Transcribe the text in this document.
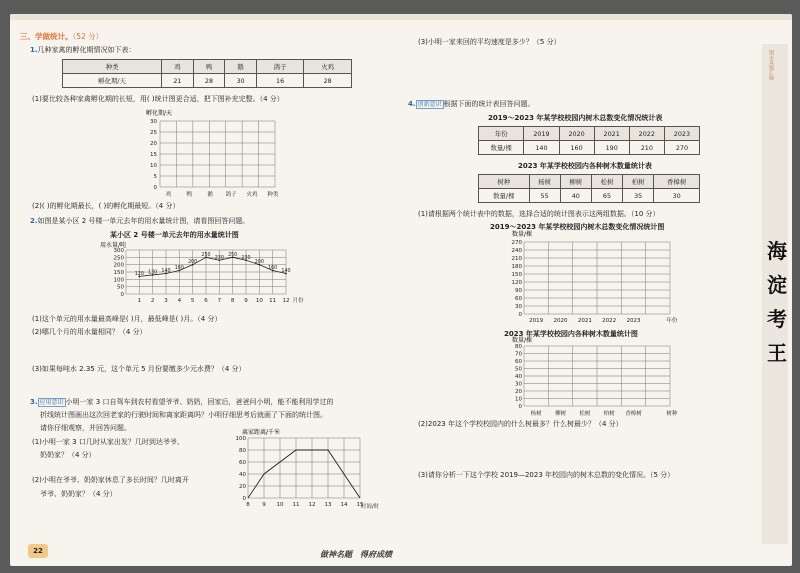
三、学做统计。（52 分）
1.几种家禽的孵化期情况如下表：
种类	鸡	鸭	鹅	鸽子	火鸡
孵化期/天	21	28	30	16	28
(1)要比较各种家禽孵化期的长短，用( )统计图更合适，把下图补充完整。（4 分）
孵化期/天
30
25
20
15
10
5
0
鸡	鸭	鹅 鸽子 火鸡 种类
(2)( )的孵化期最长，( )的孵化期最短。（4 分）
2.如图是某小区 2 号楼一单元去年的用水量统计图，请看图回答问题。
某小区 2 号楼一单元去年的用水量统计图
用水量/吨
300
250
200
150
100
50
0
1 2 3 4 5 6 7 8 9 10 11 12 月份
120 130 140
160
200
250
230
250
230
200
160
140
(1)这个单元的用水量最高峰是( )月，最低峰是( )月。（4 分）
(2)哪几个月的用水量相同？（4 分）
(3)如果每吨水 2.35 元，这个单元 5 月份要缴多少元水费？（4 分）
3. 应用意识 小明一家 3 口自驾车到农村看望爷爷、奶奶，回家后，爸爸问小明，能不能利用学过的
折线统计图画出这次回老家的行驶时间和离家距离吗？小明仔细思考后就画了下面的统计图。
请你仔细观察，并回答问题。
(1)小明一家 3 口几时从家出发？几时到达爷爷、
奶奶家？（4 分）
(2)小明在爷爷、奶奶家休息了多长时间？几时离开
爷爷、奶奶家？（4 分）
离家距离/千米
100
80
60
40
20
0
8 9 10 11 12 13 14 15
时间/时
(3)小明一家来回的平均速度是多少？（5 分）
4. 创新意识 根据下面的统计表回答问题。
2019～2023 年某学校校园内树木总数变化情况统计表
年份	2019	2020	2021	2022	2023
数量/棵	140	160	190	210	270
2023 年某学校校园内各种树木数量统计表
树种	杨树	柳树	松树	柏树	香樟树
数量/棵	55	40	65	35	30
(1)请根据两个统计表中的数据，选择合适的统计图表示这两组数据。（10 分）
2019～2023 年某学校校园内树木总数变化情况统计图
数量/棵
270
240
210
180
150
120
90
60
30
0
2019 2020 2021 2022 2023	年份
2023 年某学校校园内各种树木数量统计图
数量/棵
80
70
60
50
40
30
20
10
0
杨树 柳树 松树 柏树 香樟树	树种
(2)2023 年这个学校校园内的什么树最多？什么树最少？（4 分）
(3)请你分析一下这个学校 2019—2023 年校园内的树木总数的变化情况。（5 分）
期末真题汇编
海淀考王
22	做神名题　得府成绩
